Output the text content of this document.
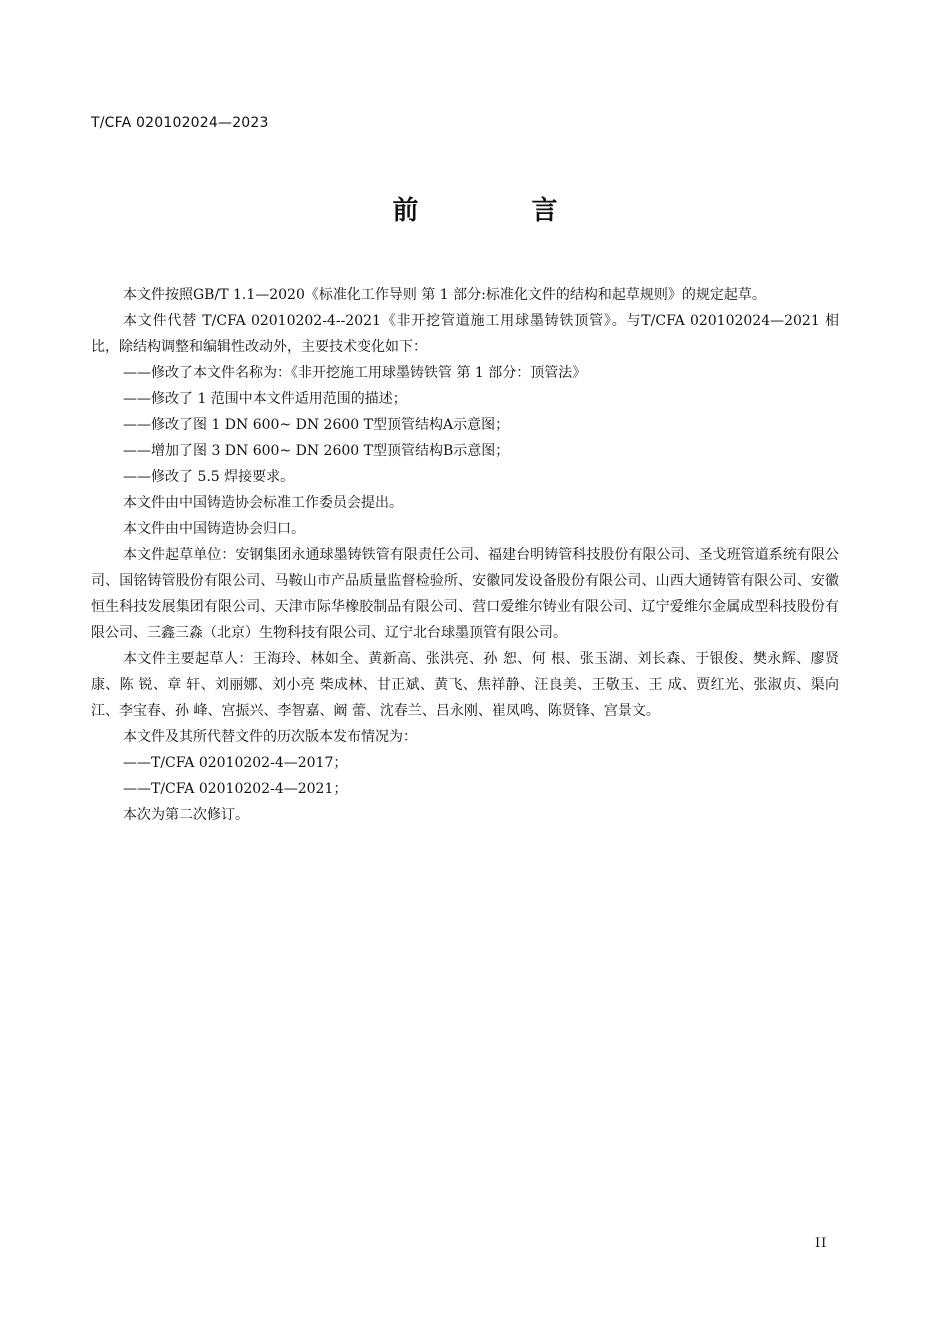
T/CFA 020102024—2023
前 言

本文件按照GB/T 1.1—2020《标准化工作导则 第 1 部分:标准化文件的结构和起草规则》的规定起草。

本文件代替 T/CFA 02010202-4--2021《非开挖管道施工用球墨铸铁顶管》。与T/CFA 020102024—2021 相比，除结构调整和编辑性改动外，主要技术变化如下：

——修改了本文件名称为：《非开挖施工用球墨铸铁管 第 1 部分：顶管法》

——修改了 1 范围中本文件适用范围的描述；

——修改了图 1 DN 600~ DN 2600 T型顶管结构A示意图；

——增加了图 3 DN 600~ DN 2600 T型顶管结构B示意图；

——修改了 5.5 焊接要求。

本文件由中国铸造协会标准工作委员会提出。

本文件由中国铸造协会归口。

本文件起草单位：安钢集团永通球墨铸铁管有限责任公司、福建台明铸管科技股份有限公司、圣戈班管道系统有限公司、国铭铸管股份有限公司、马鞍山市产品质量监督检验所、安徽同发设备股份有限公司、山西大通铸管有限公司、安徽恒生科技发展集团有限公司、天津市际华橡胶制品有限公司、营口爱维尔铸业有限公司、辽宁爱维尔金属成型科技股份有限公司、三鑫三淼（北京）生物科技有限公司、辽宁北台球墨顶管有限公司。

本文件主要起草人：王海玲、林如全、黄新高、张洪亮、孙 恕、何 根、张玉湖、刘长森、于银俊、樊永辉、廖贤康、陈 锐、章 轩、刘丽娜、刘小亮 柴成林、甘正斌、黄飞、焦祥静、汪良美、王敬玉、王 成、贾红光、张淑贞、渠向江、李宝春、孙 峰、宫振兴、李智嘉、阚 蕾、沈春兰、吕永刚、崔凤鸣、陈贤锋、宫景文。

本文件及其所代替文件的历次版本发布情况为：

——T/CFA 02010202-4—2017；

——T/CFA 02010202-4—2021；

本次为第二次修订。

II
